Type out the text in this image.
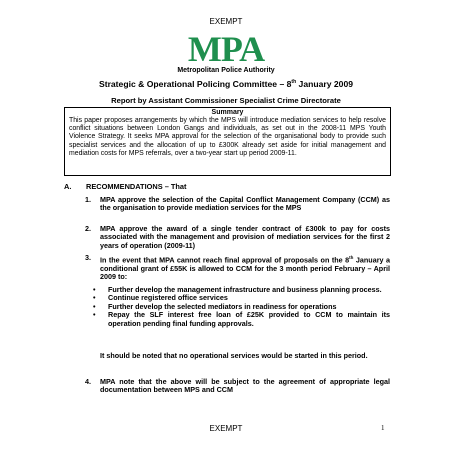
EXEMPT
MPA
Metropolitan Police Authority
Strategic & Operational Policing Committee – 8th January 2009
Report by Assistant Commissioner Specialist Crime Directorate
Summary
This paper proposes arrangements by which the MPS will introduce mediation services to help resolve conflict situations between London Gangs and individuals, as set out in the 2008-11 MPS Youth Violence Strategy. It seeks MPA approval for the selection of the organisational body to provide such specialist services and the allocation of up to £300K already set aside for initial management and mediation costs for MPS referrals, over a two-year start up period 2009-11.
A. RECOMMENDATIONS – That
1. MPA approve the selection of the Capital Conflict Management Company (CCM) as the organisation to provide mediation services for the MPS
2. MPA approve the award of a single tender contract of £300k to pay for costs associated with the management and provision of mediation services for the first 2 years of operation (2009-11)
3. In the event that MPA cannot reach final approval of proposals on the 8th January a conditional grant of £55K is allowed to CCM for the 3 month period February – April 2009 to:
• Further develop the management infrastructure and business planning process.
• Continue registered office services
• Further develop the selected mediators in readiness for operations
• Repay the SLF interest free loan of £25K provided to CCM to maintain its operation pending final funding approvals.
It should be noted that no operational services would be started in this period.
4. MPA note that the above will be subject to the agreement of appropriate legal documentation between MPS and CCM
EXEMPT	1
